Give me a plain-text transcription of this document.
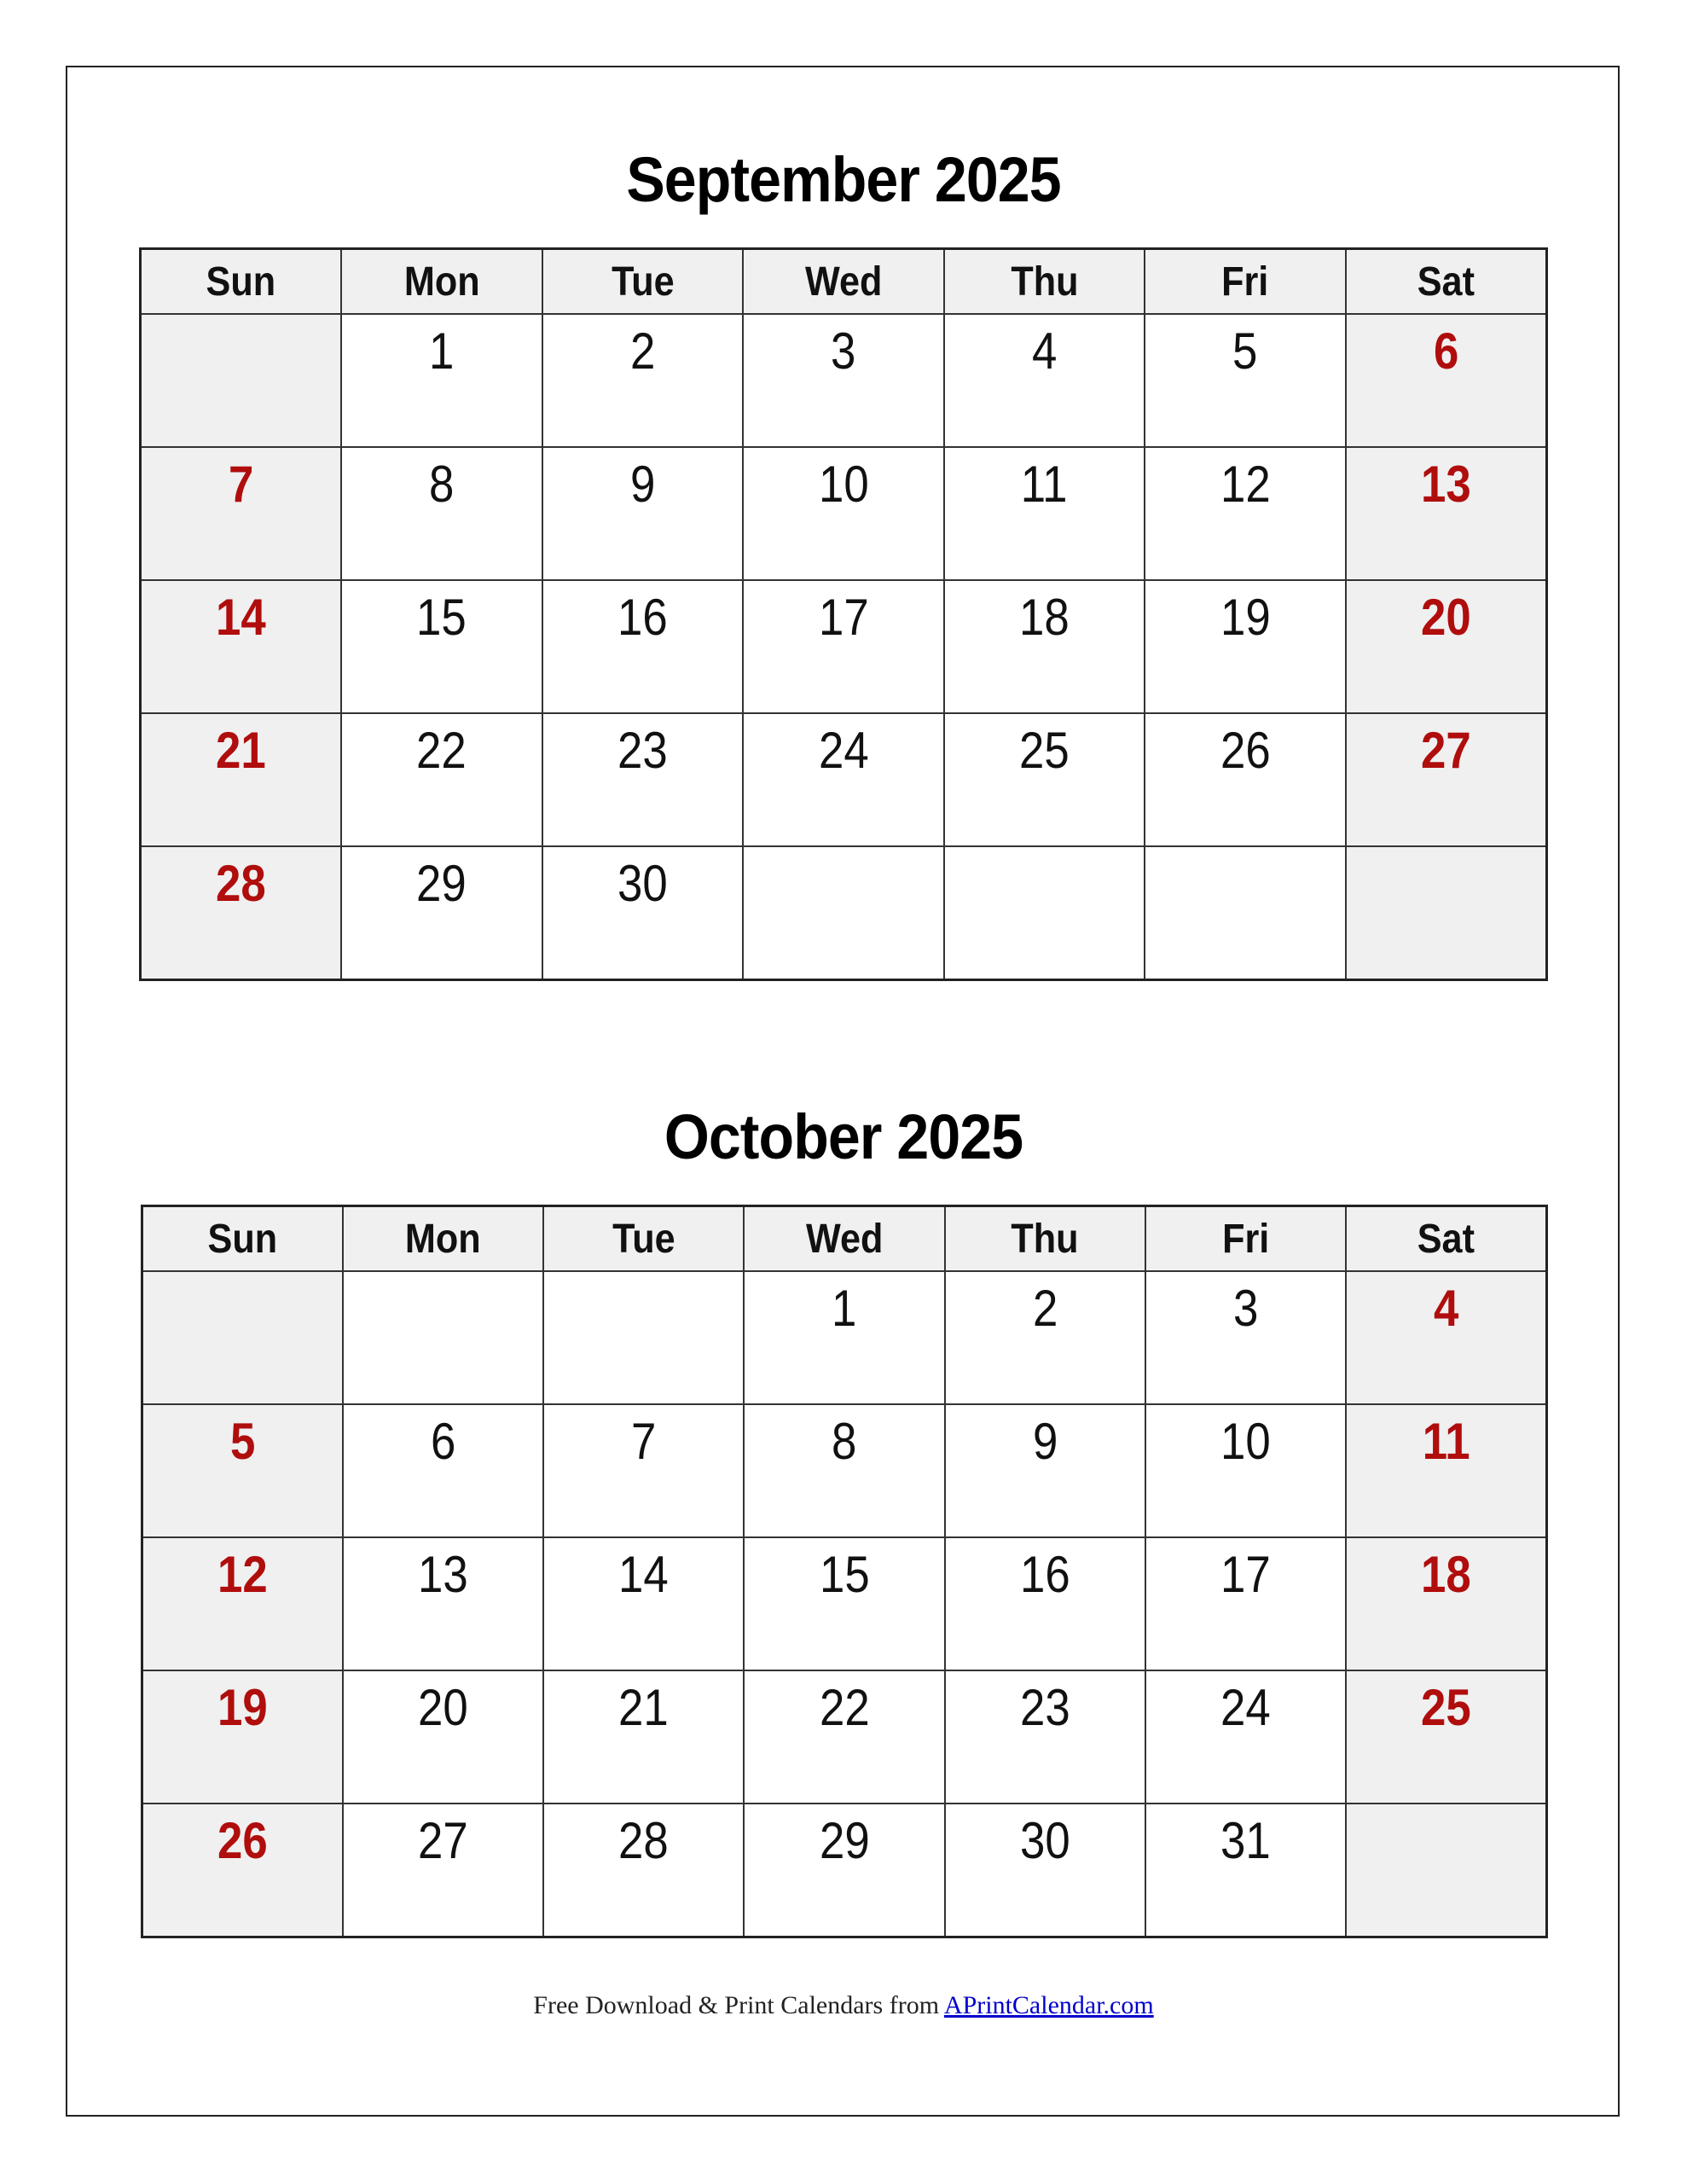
September 2025
Sun	Mon	Tue	Wed	Thu	Fri	Sat
	1	2	3	4	5	6
7	8	9	10	11	12	13
14	15	16	17	18	19	20
21	22	23	24	25	26	27
28	29	30				
October 2025
Sun	Mon	Tue	Wed	Thu	Fri	Sat
			1	2	3	4
5	6	7	8	9	10	11
12	13	14	15	16	17	18
19	20	21	22	23	24	25
26	27	28	29	30	31	
Free Download & Print Calendars from APrintCalendar.com
